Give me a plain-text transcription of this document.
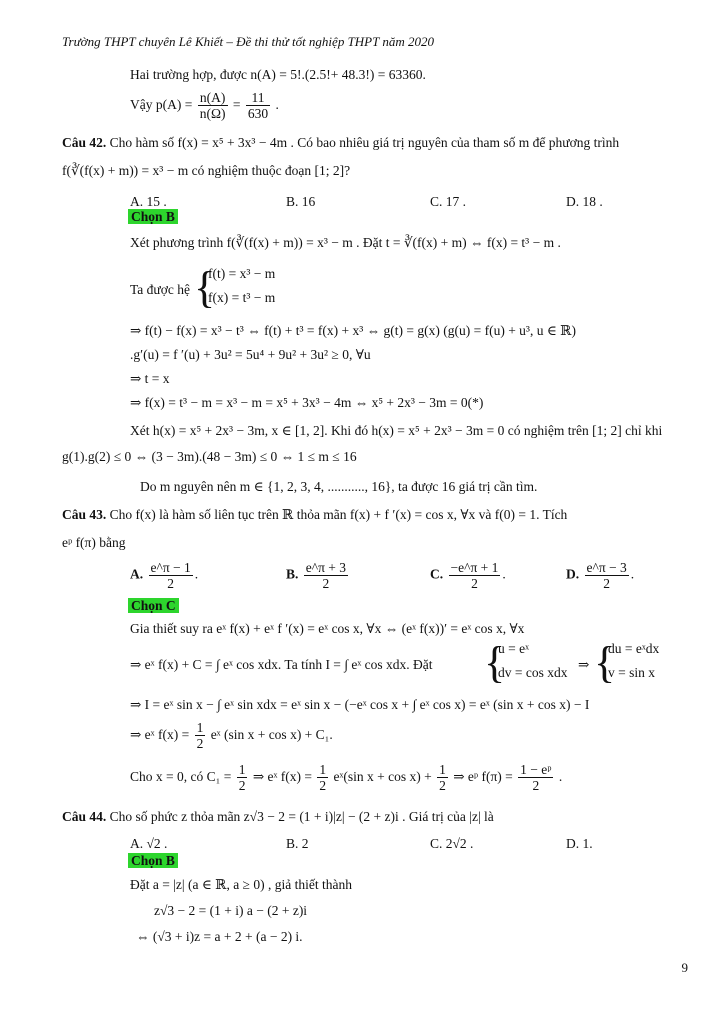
Trường THPT chuyên Lê Khiết – Đề thi thử tốt nghiệp THPT năm 2020
Hai trường hợp, được n(A) = 5!.(2.5!+ 48.3!) = 63360.
Vậy $p(A) = \frac{n(A)}{n(\Omega)} = \frac{11}{630}$ .
Câu 42. Cho hàm số f(x) = x⁵ + 3x³ − 4m . Có bao nhiêu giá trị nguyên của tham số m để phương trình
f(∛(f(x) + m)) = x³ − m có nghiệm thuộc đoạn [1; 2]?
A. 15 .	B. 16	C. 17 .	D. 18 .
Chọn B
Xét phương trình f(∛(f(x) + m)) = x³ − m . Đặt t = ∛(f(x) + m) ⇔ f(x) = t³ − m .
Ta được hệ {
f(t) = x³ − m
f(x) = t³ − m
⇒ f(t) − f(x) = x³ − t³ ⇔ f(t) + t³ = f(x) + x³ ⇔ g(t) = g(x) (g(u) = f(u) + u³, u ∈ ℝ)
.g′(u) = f ′(u) + 3u² = 5u⁴ + 9u² + 3u² ≥ 0, ∀u
⇒ t = x
⇒ f(x) = t³ − m = x³ − m = x⁵ + 3x³ − 4m ⇔ x⁵ + 2x³ − 3m = 0(*)
Xét h(x) = x⁵ + 2x³ − 3m, x ∈ [1, 2]. Khi đó h(x) = x⁵ + 2x³ − 3m = 0 có nghiệm trên [1; 2] chỉ khi
g(1).g(2) ≤ 0 ⇔ (3 − 3m).(48 − 3m) ≤ 0 ⇔ 1 ≤ m ≤ 16
Do m nguyên nên m ∈ {1, 2, 3, 4, ..........., 16}, ta được 16 giá trị cần tìm.
Câu 43. Cho f(x) là hàm số liên tục trên ℝ thỏa mãn f(x) + f ′(x) = cos x, ∀x và f(0) = 1. Tích
eᵖ f(π) bằng
A. $\frac{e\^{}\pi - 1}{2}$ .	B. $\frac{e\^{}\pi + 3}{2}$	C. $\frac{-e\^{}\pi + 1}{2}$ .	D. $\frac{e\^{}\pi - 3}{2}$ .
Chọn C
Gia thiết suy ra eˣ f(x) + eˣ f ′(x) = eˣ cos x, ∀x ⇔ (eˣ f(x))′ = eˣ cos x, ∀x
⇒ eˣ f(x) + C = ∫ eˣ cos xdx. Ta tính I = ∫ eˣ cos xdx. Đặt {
u = eˣ
dv = cos xdx
⇒ {
du = eˣdx
v = sin x
⇒ I = eˣ sin x − ∫ eˣ sin xdx = eˣ sin x − (−eˣ cos x + ∫ eˣ cos x) = eˣ (sin x + cos x) − I
⇒ eˣ $f(x) = \frac{1}{2}$ eˣ (sin x + cos x) + C₁.
Cho x = 0, có $C_1 = \frac{1}{2}$ ⇒ eˣ $f(x) = \frac{1}{2}$ eˣ(sin $x + \cos x) + \frac{1}{2}$ ⇒ eᵖ $f(\pi) = \frac{\text{1 − eᵖ}}{2}$ .
Câu 44. Cho số phức z thỏa mãn z√3 − 2 = (1 + i)|z| − (2 + z)i . Giá trị của |z| là
A. √2 .	B. 2	C. 2√2 .	D. 1.
Chọn B
Đặt a = |z| (a ∈ ℝ, a ≥ 0) , giả thiết thành
z√3 − 2 = (1 + i) a − (2 + z)i
⇔ (√3 + i)z = a + 2 + (a − 2) i.
9
